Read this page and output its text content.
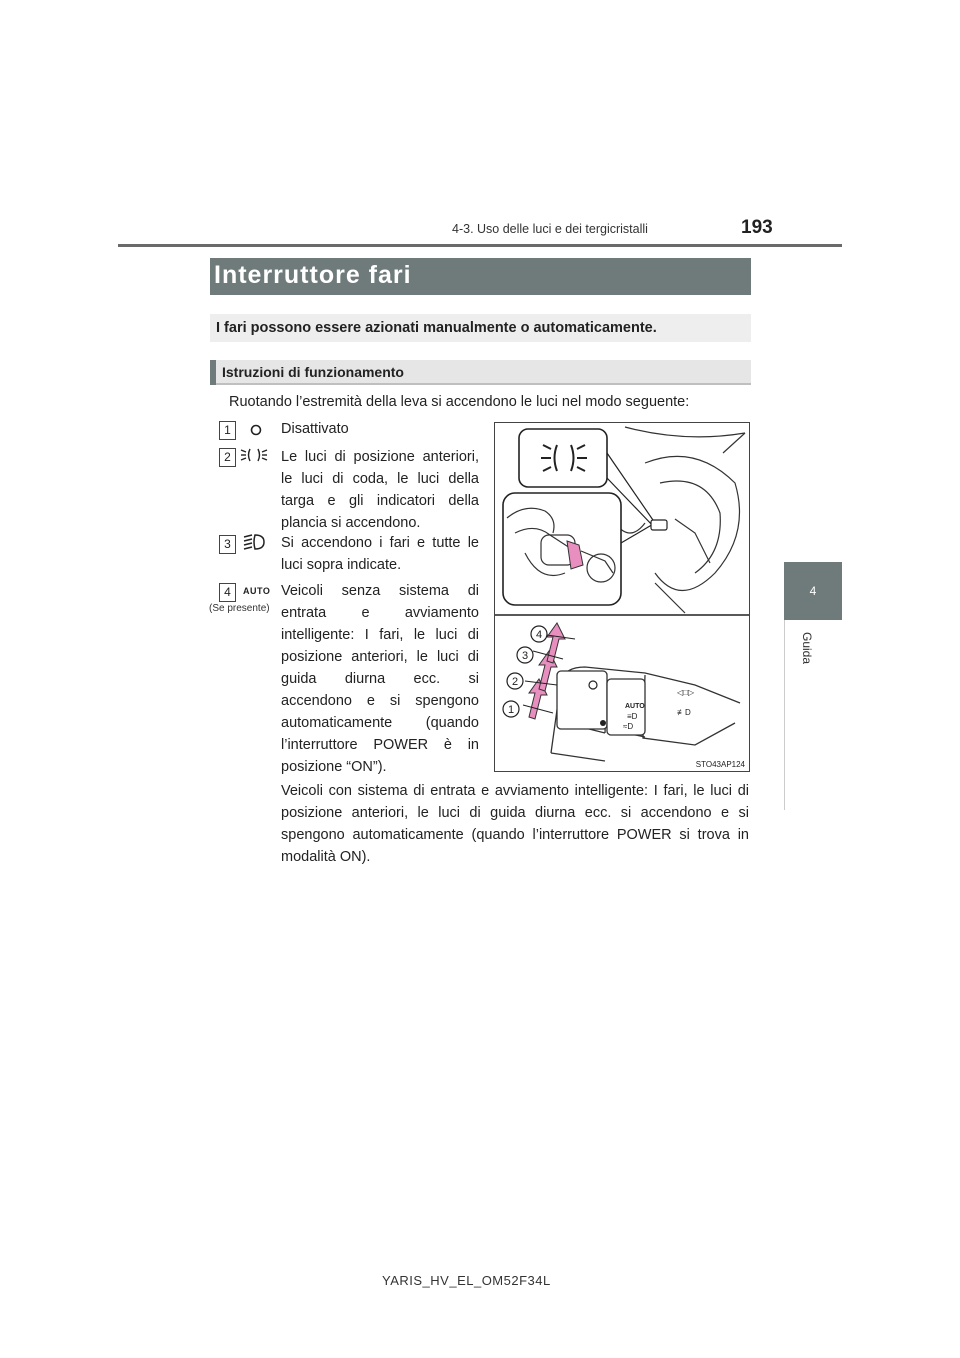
4-3. Uso delle luci e dei tergicristalli	193
4
Guida
Interruttore fari
I fari possono essere azionati manualmente o automaticamente.
Istruzioni di funzionamento
Ruotando l’estremità della leva si accendono le luci nel modo seguente:
1	Disattivato
2	Le luci di posizione anteriori, le luci di coda, le luci della targa e gli indicatori della plancia si accendono.
3	Si accendono i fari e tutte le luci sopra indicate.
4	AUTO
(Se presente)
Veicoli senza sistema di entrata e avviamento intelligente: I fari, le luci di posizione anteriori, le luci di guida diurna ecc. si accendono e si spengono automaticamente (quando l’interruttore POWER è in posizione “ON”).
Veicoli con sistema di entrata e avviamento intelligente: I fari, le luci di posizione anteriori, le luci di guida diurna ecc. si accendono e si spengono automaticamente (quando l’interruttore POWER si trova in modalità ON).
AUTO
≡D
≈D
◁□▷
≢D
1
2
3
4
STO43AP124
YARIS_HV_EL_OM52F34L
